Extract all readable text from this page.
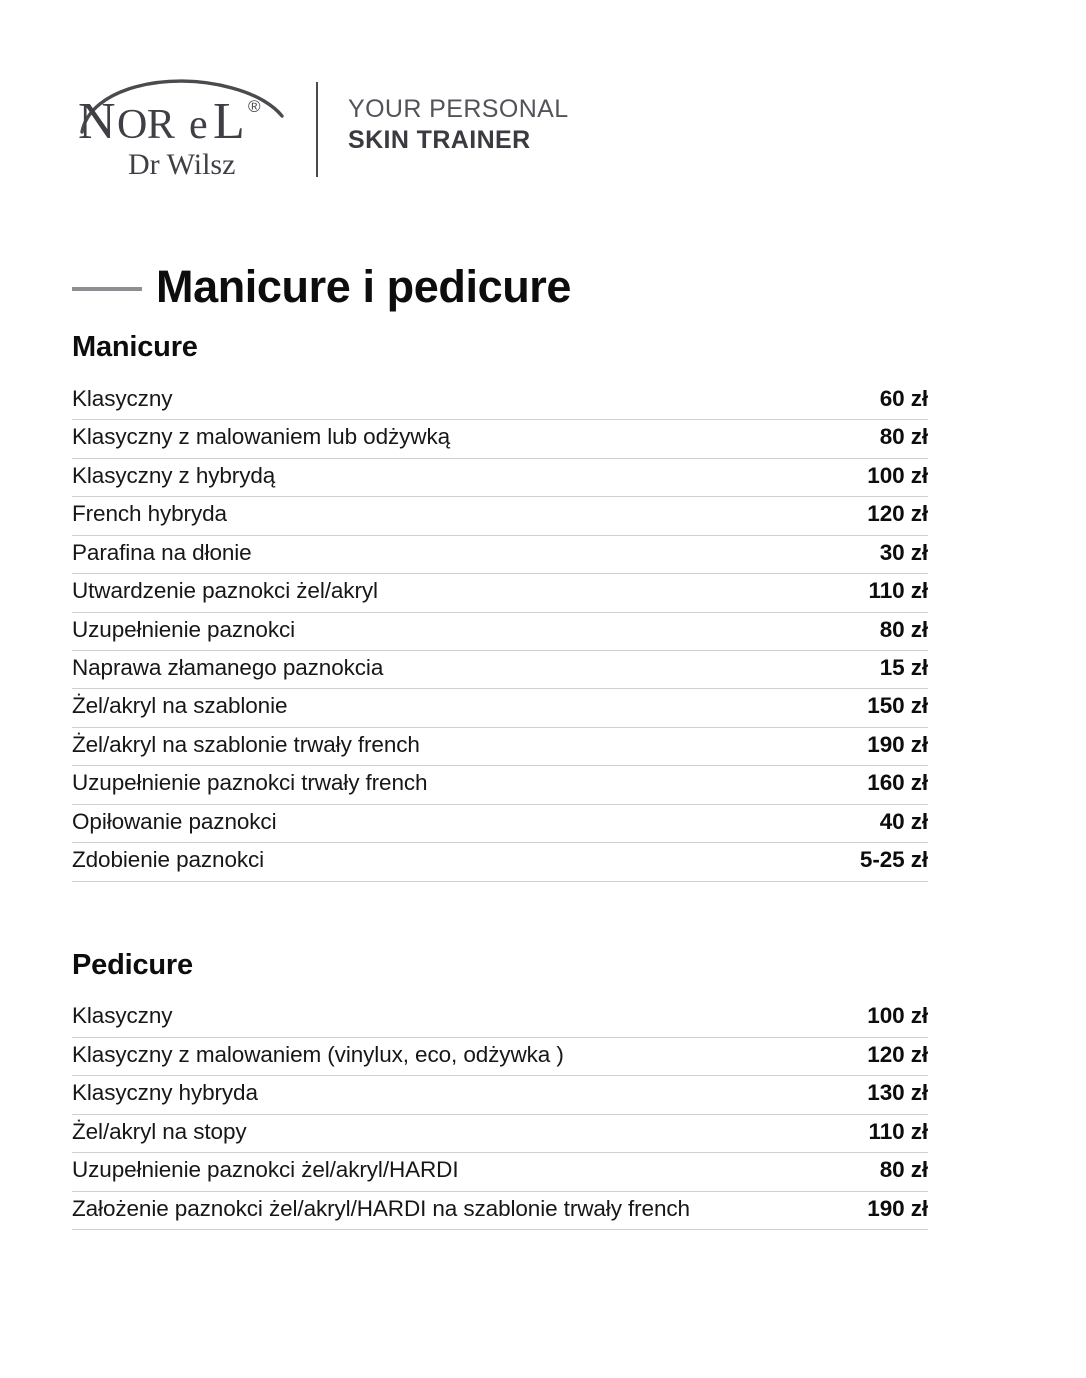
N OR e L ®
Dr Wilsz
YOUR PERSONAL
SKIN TRAINER
Manicure i pedicure
Manicure
Klasyczny	60 zł
Klasyczny z malowaniem lub odżywką	80 zł
Klasyczny z hybrydą	100 zł
French hybryda	120 zł
Parafina na dłonie	30 zł
Utwardzenie paznokci żel/akryl	110 zł
Uzupełnienie paznokci	80 zł
Naprawa złamanego paznokcia	15 zł
Żel/akryl na szablonie	150 zł
Żel/akryl na szablonie trwały french	190 zł
Uzupełnienie paznokci trwały french	160 zł
Opiłowanie paznokci	40 zł
Zdobienie paznokci	5-25 zł
Pedicure
Klasyczny	100 zł
Klasyczny z malowaniem (vinylux, eco, odżywka )	120 zł
Klasyczny hybryda	130 zł
Żel/akryl na stopy	110 zł
Uzupełnienie paznokci żel/akryl/HARDI	80 zł
Założenie paznokci żel/akryl/HARDI na szablonie trwały french	190 zł
